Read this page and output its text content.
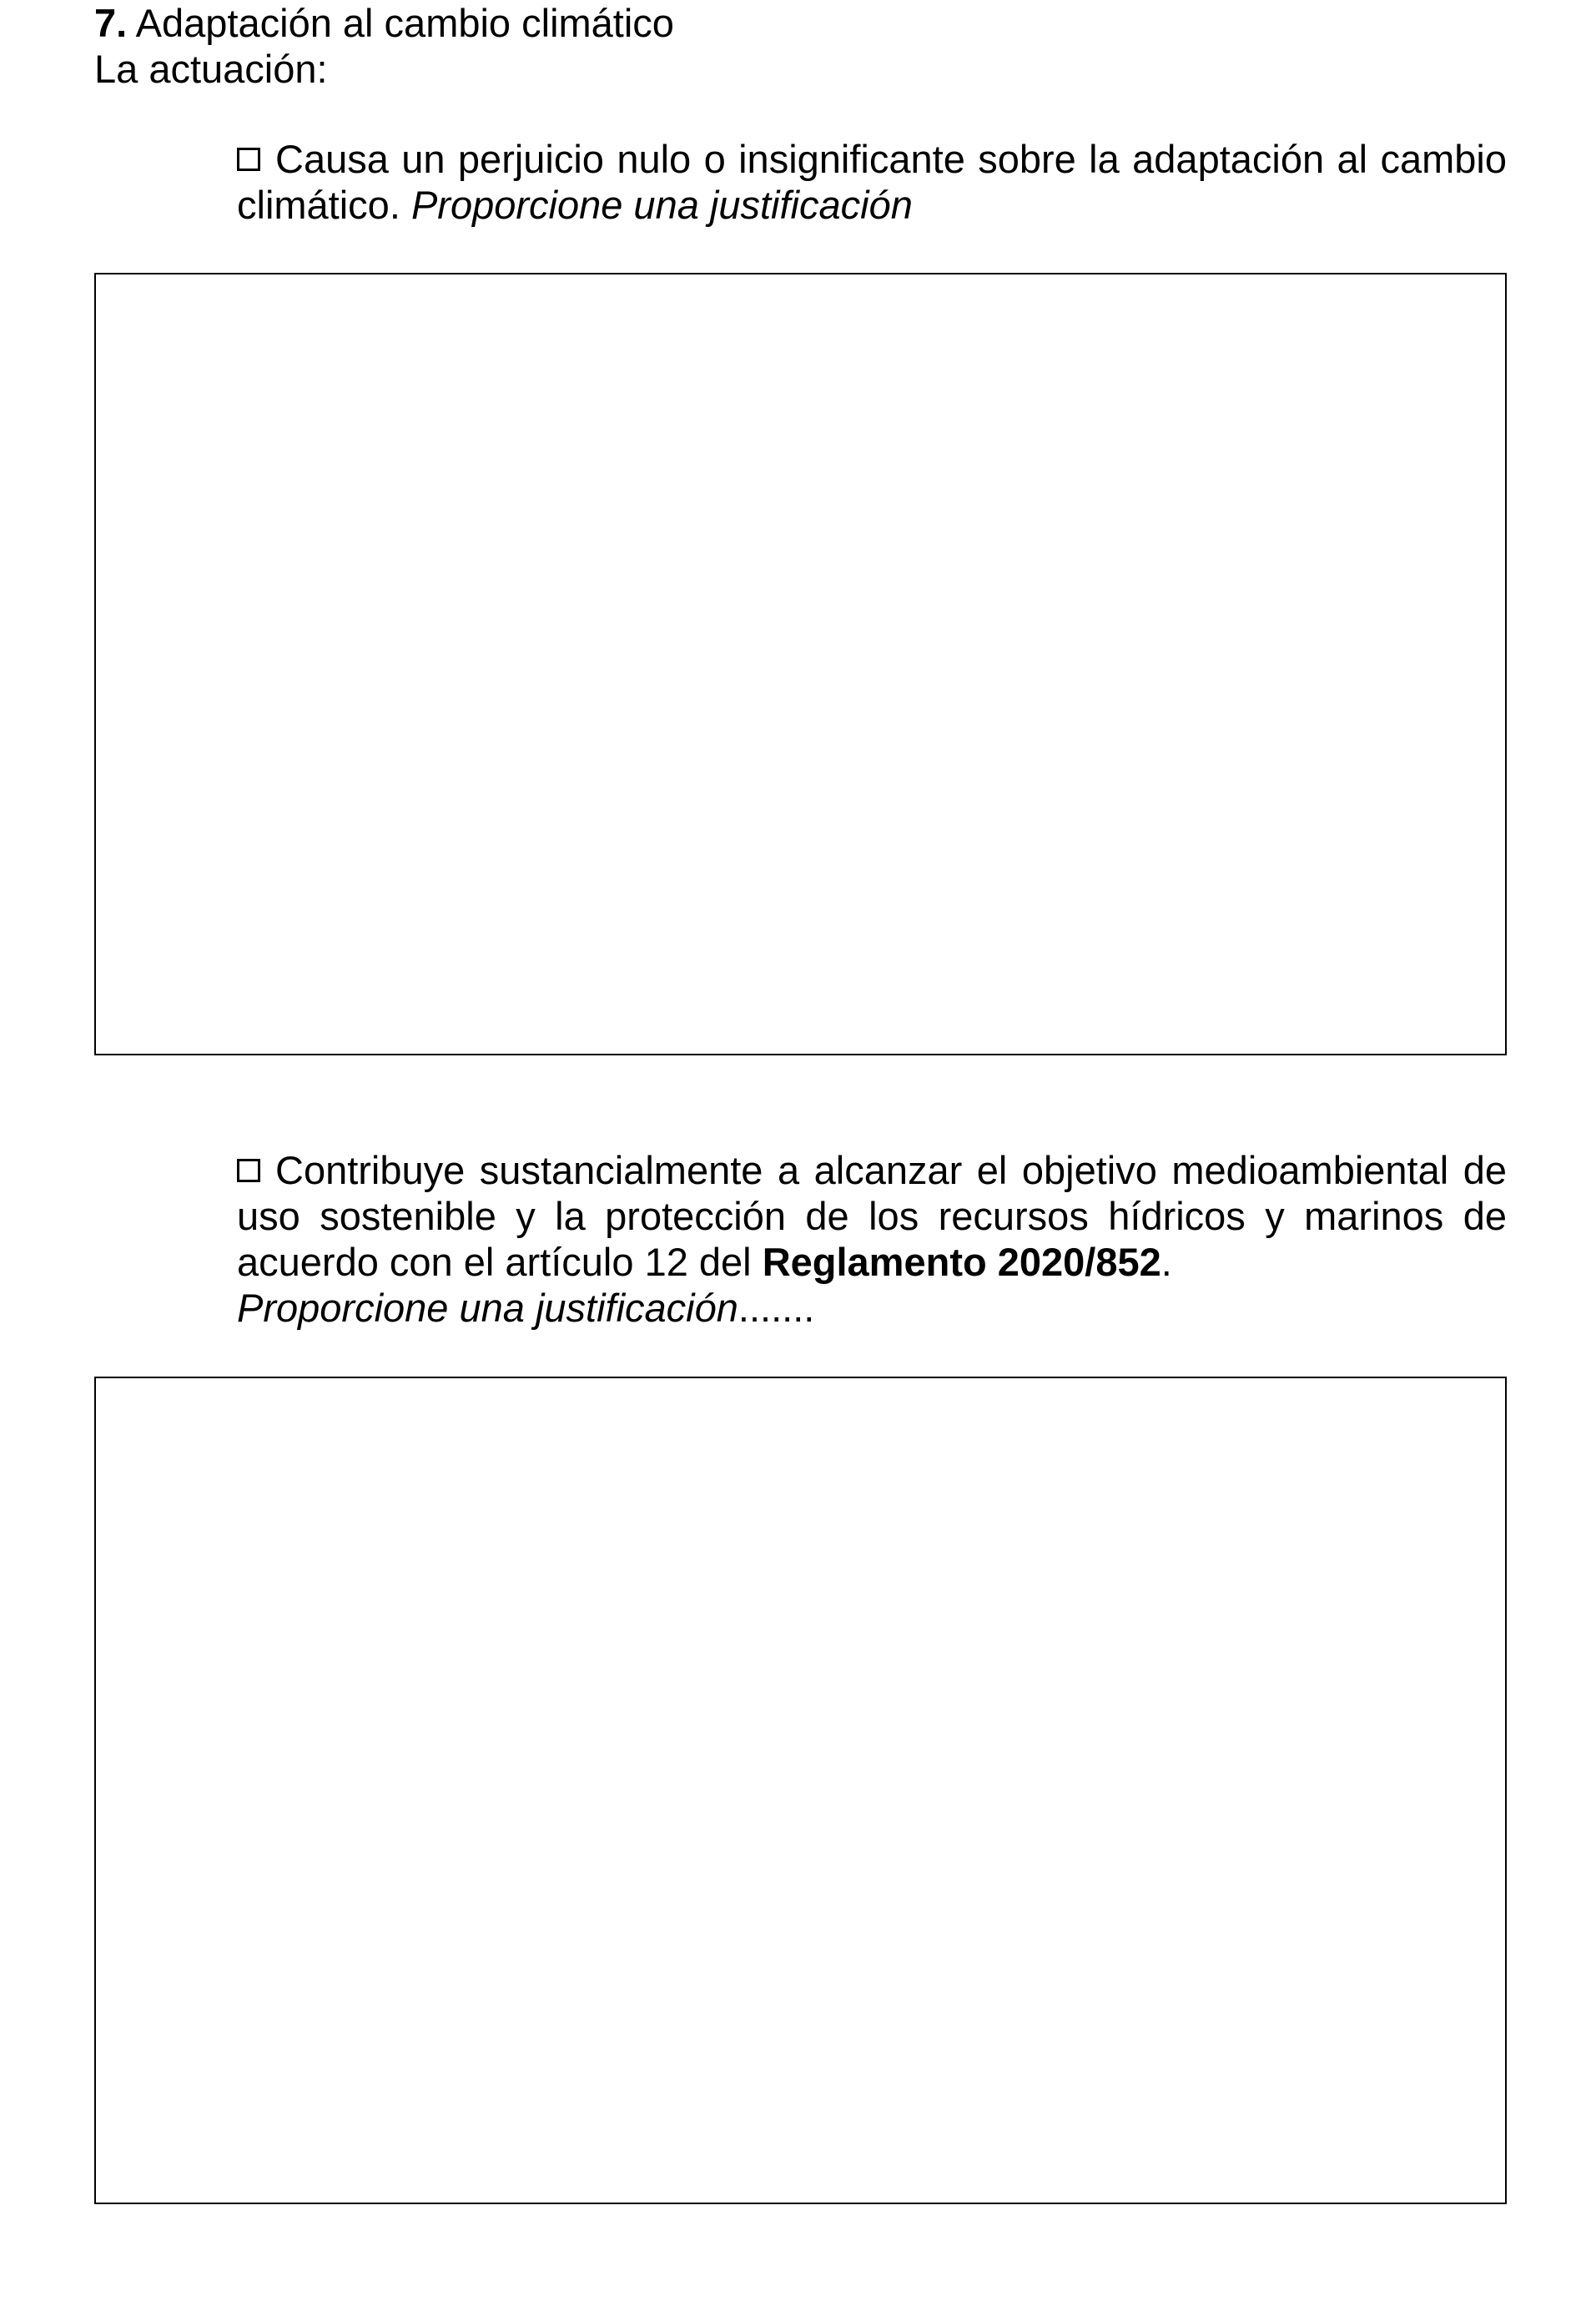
7. Adaptación al cambio climático
La actuación:

Causa un perjuicio nulo o insignificante sobre la adaptación al cambio climático. Proporcione una justificación

Contribuye sustancialmente a alcanzar el objetivo medioambiental de uso sostenible y la protección de los recursos hídricos y marinos de acuerdo con el artículo 12 del Reglamento 2020/852.

Proporcione una justificación.......
